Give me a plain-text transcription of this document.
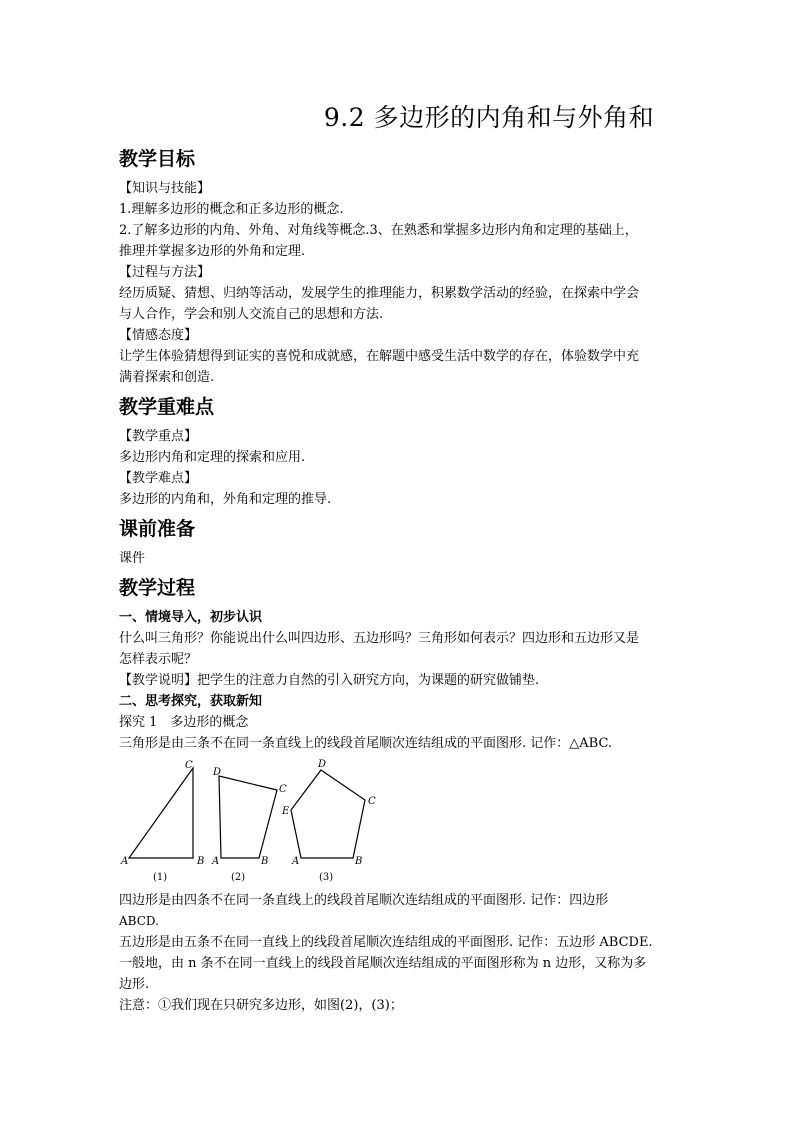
9.2 多边形的内角和与外角和
教学目标

【知识与技能】

1.理解多边形的概念和正多边形的概念.

2.了解多边形的内角、外角、对角线等概念.3、在熟悉和掌握多边形内角和定理的基础上，

推理并掌握多边形的外角和定理.

【过程与方法】

经历质疑、猜想、归纳等活动，发展学生的推理能力，积累数学活动的经验，在探索中学会

与人合作，学会和别人交流自己的思想和方法.

【情感态度】

让学生体验猜想得到证实的喜悦和成就感，在解题中感受生活中数学的存在，体验数学中充

满着探索和创造.

教学重难点

【教学重点】

多边形内角和定理的探索和应用.

【教学难点】

多边形的内角和，外角和定理的推导.

课前准备

课件

教学过程

一、情境导入，初步认识

什么叫三角形？你能说出什么叫四边形、五边形吗？三角形如何表示？四边形和五边形又是

怎样表示呢？

【教学说明】把学生的注意力自然的引入研究方向，为课题的研究做铺垫.

二、思考探究，获取新知

探究 1　多边形的概念

三角形是由三条不在同一条直线上的线段首尾顺次连结组成的平面图形. 记作：△ABC.

A	B
C
(1)
D
C
A	B
(2)
D
C
E
A	B
(3)

四边形是由四条不在同一条直线上的线段首尾顺次连结组成的平面图形. 记作：四边形

ABCD.

五边形是由五条不在同一直线上的线段首尾顺次连结组成的平面图形. 记作：五边形 ABCDE.

一般地，由 n 条不在同一直线上的线段首尾顺次连结组成的平面图形称为 n 边形，又称为多

边形.

注意：①我们现在只研究多边形，如图(2)，(3)；
